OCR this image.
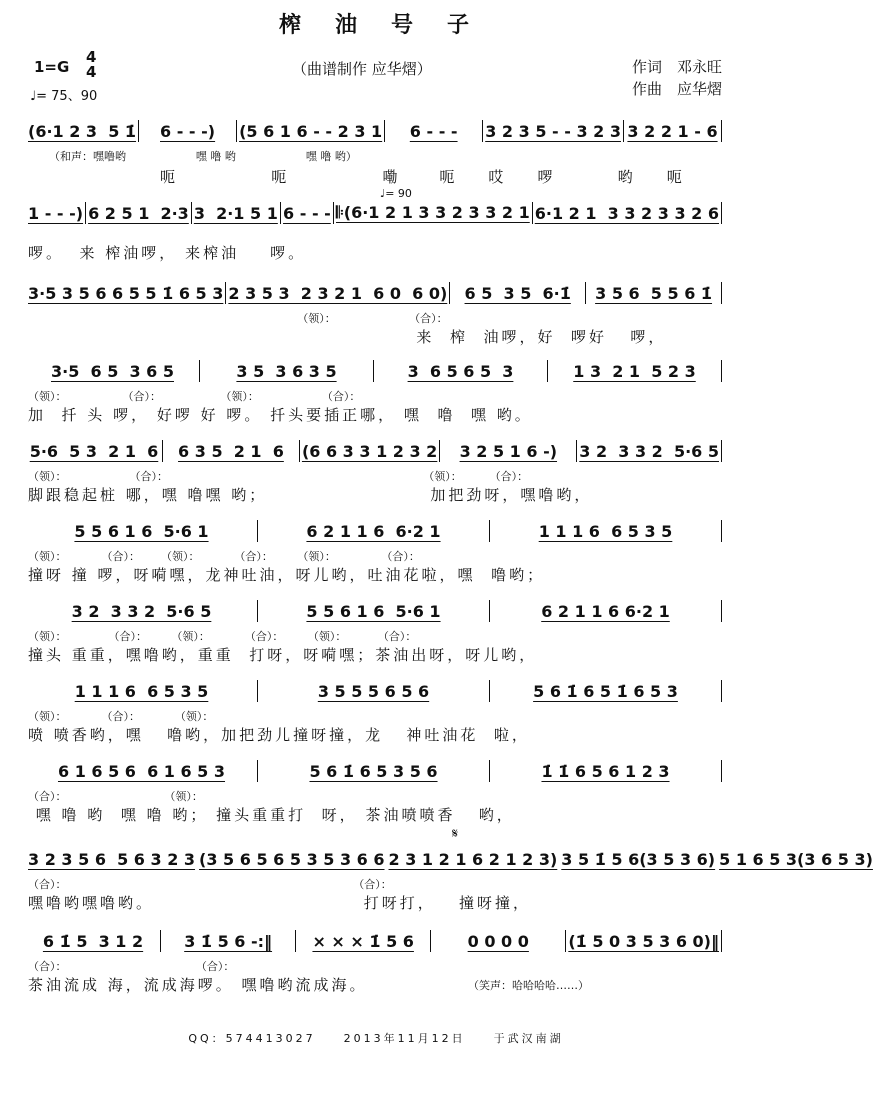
榨油号子
1=G
4
4
♩= 75、90
（曲谱制作 应华熠）	作词　邓永旺
作曲　应华熠
♩= 90
𝄋
(6·1 2 3  5 1̇	6 - - -)	(5 6 1 6 - - 2 3 1	6 - - -	3 2 3 5 - - 3 2 3 3 2 2 1 - 6
（和声：嘿噜哟                    嘿 噜 哟                    嘿 噜 哟）
呃            呃            嘞     呃    哎    啰        哟    呃
1 - - -) 6 2 5 1  2·3 3  2·1 5 1 6 - - - 𝄆(6·1 2 1 3 3 2 3 3 2 1 6·1 2 1  3 3 2 3 3 2 6
啰。  来 榨油啰， 来榨油    啰。
3·5 3 5 6 6 5 5 1̇ 6 5 3 2 3 5 3  2 3 2 1  6 0  6 0)	6 5  3 5  6·1̇	3 5 6  5 5 6 1̇
（领）：                     （合）：
来  榨  油啰，好  啰好   啰，
3·5  6 5  3 6 5	3 5  3 6 3 5	3  6 5 6 5  3	1 3  2 1  5 2 3
（领）：                （合）：                 （领）：                  （合）：
加  扦 头 啰， 好啰 好 啰。 扦头要插正哪， 嘿  噜  嘿 哟。
5·6  5 3  2 1  6	6 3 5  2 1  6	(6 6 3 3 1 2 3 2	3 2 5 1 6 -)	3 2  3 3 2  5·6 5
（领）：                  （合）：                                                                         （领）：        （合）：
脚跟稳起桩 哪，嘿 噜嘿 哟；                     加把劲呀，嘿噜哟，
5 5 6 1 6  5·6 1	6 2 1 1 6  6·2 1	1 1 1 6  6 5 3 5
（领）：          （合）：      （领）：          （合）：       （领）：             （合）：
撞呀 撞 啰，呀嗬嘿，龙神吐油，呀儿哟，吐油花啦，嘿  噜哟；
3 2  3 3 2  5·6 5	5 5 6 1 6  5·6 1	6 2 1 1 6 6·2 1
（领）：            （合）：       （领）：          （合）：       （领）：         （合）：
撞头 重重，嘿噜哟，重重  打呀，呀嗬嘿；茶油出呀，呀儿哟，
1 1 1 6  6 5 3 5	3 5 5 5 6 5 6	5 6 1̇ 6 5 1̇ 6 5 3
（领）：          （合）：          （领）：
喷 喷香哟，嘿   噜哟，加把劲儿撞呀撞，龙   神吐油花  啦，
6 1 6 5 6  6 1 6 5 3	5 6 1̇ 6 5 3 5 6	1̇ 1̇ 6 5 6 1 2 3
（合）：                            （领）：
嘿 噜 哟  嘿 噜 哟； 撞头重重打  呀， 茶油喷喷香   哟，
3 2 3 5 6  5 6 3 2 3 (3 5 6 5 6 5 3 5 3 6 6 2 3 1 2 1 6 2 1 2 3) 3 5 1̇ 5 6(3 5 3 6) 5 1 6 5 3(3 6 5 3)
（合）：                                                                                  （合）：
嘿噜哟嘿噜哟。                           打呀打，   撞呀撞，
6 1̇ 5  3 1 2	3 1̇ 5 6 -:‖	× × × 1̇ 5 6	0 0 0 0	(1̇ 5 0 3 5 3 6 0)‖
（合）：                                     （合）：
茶油流成 海，流成海啰。 嘿噜哟流成海。	（笑声：哈哈哈哈……）
QQ：574413027　　2013年11月12日　　于武汉南湖
